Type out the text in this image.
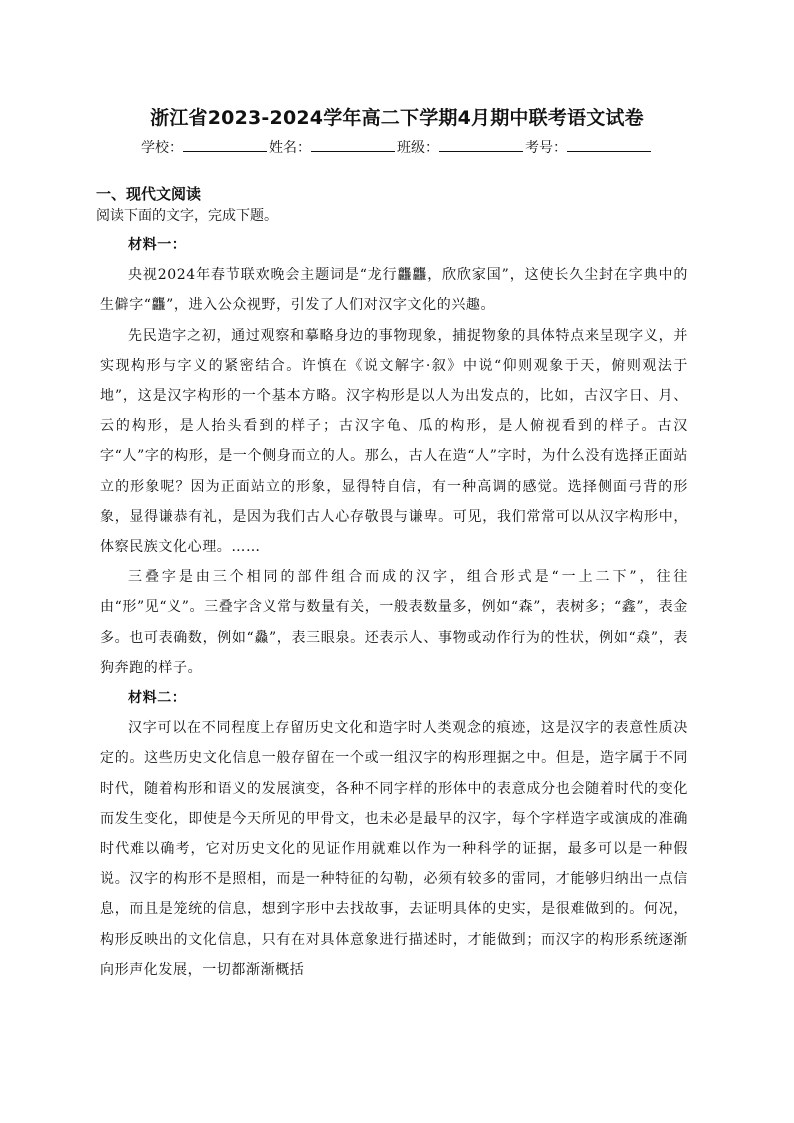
浙江省2023-2024学年高二下学期4月期中联考语文试卷
学校：	姓名：	班级：	考号：
一、现代文阅读
阅读下面的文字，完成下题。

材料一：

央视2024年春节联欢晚会主题词是“龙行龘龘，欣欣家国”，这使长久尘封在字典中的生僻字“龘”，进入公众视野，引发了人们对汉字文化的兴趣。

先民造字之初，通过观察和摹略身边的事物现象，捕捉物象的具体特点来呈现字义，并实现构形与字义的紧密结合。许慎在《说文解字·叙》中说“仰则观象于天，俯则观法于地”，这是汉字构形的一个基本方略。汉字构形是以人为出发点的，比如，古汉字日、月、云的构形，是人抬头看到的样子；古汉字龟、瓜的构形，是人俯视看到的样子。古汉字“人”字的构形，是一个侧身而立的人。那么，古人在造“人”字时，为什么没有选择正面站立的形象呢？因为正面站立的形象，显得特自信，有一种高调的感觉。选择侧面弓背的形象，显得谦恭有礼，是因为我们古人心存敬畏与谦卑。可见，我们常常可以从汉字构形中，体察民族文化心理。……

三叠字是由三个相同的部件组合而成的汉字，组合形式是“一上二下”，往往由“形”见“义”。三叠字含义常与数量有关，一般表数量多，例如“森”，表树多；“鑫”，表金多。也可表确数，例如“灥”，表三眼泉。还表示人、事物或动作行为的性状，例如“猋”，表狗奔跑的样子。

材料二：

汉字可以在不同程度上存留历史文化和造字时人类观念的痕迹，这是汉字的表意性质决定的。这些历史文化信息一般存留在一个或一组汉字的构形理据之中。但是，造字属于不同时代，随着构形和语义的发展演变，各种不同字样的形体中的表意成分也会随着时代的变化而发生变化，即使是今天所见的甲骨文，也未必是最早的汉字，每个字样造字或演成的准确时代难以确考，它对历史文化的见证作用就难以作为一种科学的证据，最多可以是一种假说。汉字的构形不是照相，而是一种特征的勾勒，必须有较多的雷同，才能够归纳出一点信息，而且是笼统的信息，想到字形中去找故事，去证明具体的史实，是很难做到的。何况，构形反映出的文化信息，只有在对具体意象进行描述时，才能做到；而汉字的构形系统逐渐向形声化发展，一切都渐渐概括
